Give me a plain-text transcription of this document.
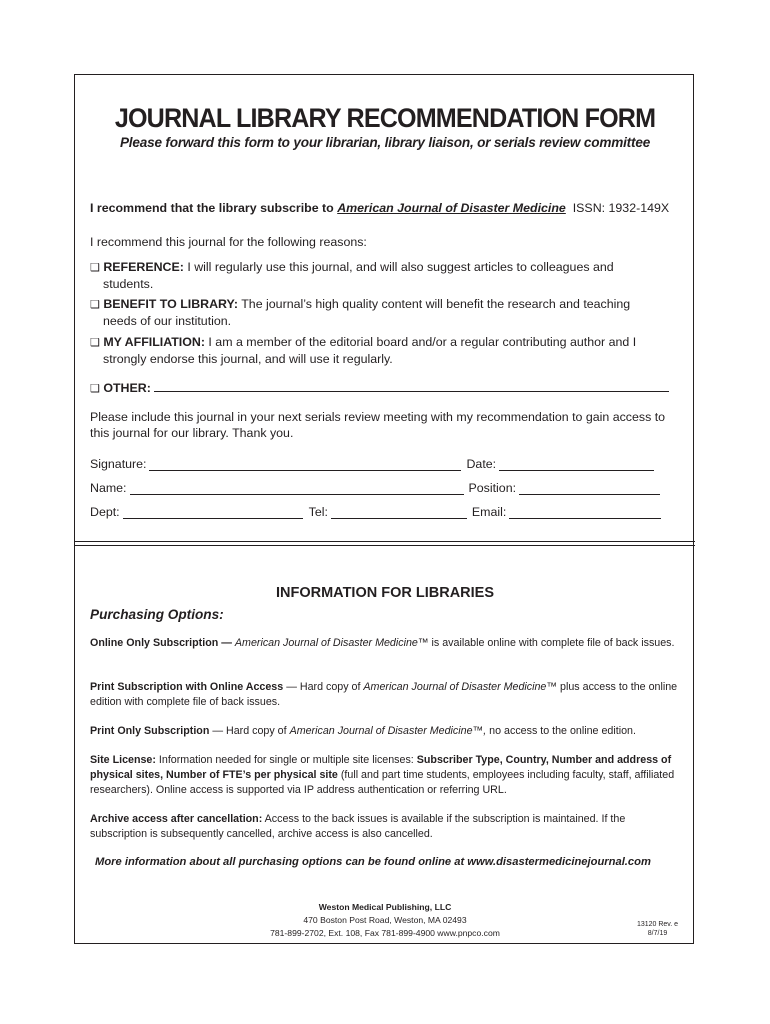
JOURNAL LIBRARY RECOMMENDATION FORM
Please forward this form to your librarian, library liaison, or serials review committee
I recommend that the library subscribe to American Journal of Disaster Medicine ISSN: 1932-149X
I recommend this journal for the following reasons:
❑ REFERENCE: I will regularly use this journal, and will also suggest articles to colleagues and
students.
❑ BENEFIT TO LIBRARY: The journal’s high quality content will benefit the research and teaching
needs of our institution.
❑ MY AFFILIATION: I am a member of the editorial board and/or a regular contributing author and I
strongly endorse this journal, and will use it regularly.
❑ OTHER:
Please include this journal in your next serials review meeting with my recommendation to gain access to this journal for our library. Thank you.
Signature:	Date:
Name:	Position:
Dept:	Tel:	Email:
INFORMATION FOR LIBRARIES
Purchasing Options:
Online Only Subscription — American Journal of Disaster Medicine™ is available online with complete file of back issues.
Print Subscription with Online Access — Hard copy of American Journal of Disaster Medicine™ plus access to the online edition with complete file of back issues.
Print Only Subscription — Hard copy of American Journal of Disaster Medicine™, no access to the online edition.
Site License: Information needed for single or multiple site licenses: Subscriber Type, Country, Number and address of physical sites, Number of FTE’s per physical site (full and part time students, employees including faculty, staff, affiliated researchers). Online access is supported via IP address authentication or referring URL.
Archive access after cancellation: Access to the back issues is available if the subscription is maintained. If the subscription is subsequently cancelled, archive access is also cancelled.
More information about all purchasing options can be found online at www.disastermedicinejournal.com
Weston Medical Publishing, LLC
470 Boston Post Road, Weston, MA 02493
781-899-2702, Ext. 108, Fax 781-899-4900 www.pnpco.com
13120 Rev. e
8/7/19
